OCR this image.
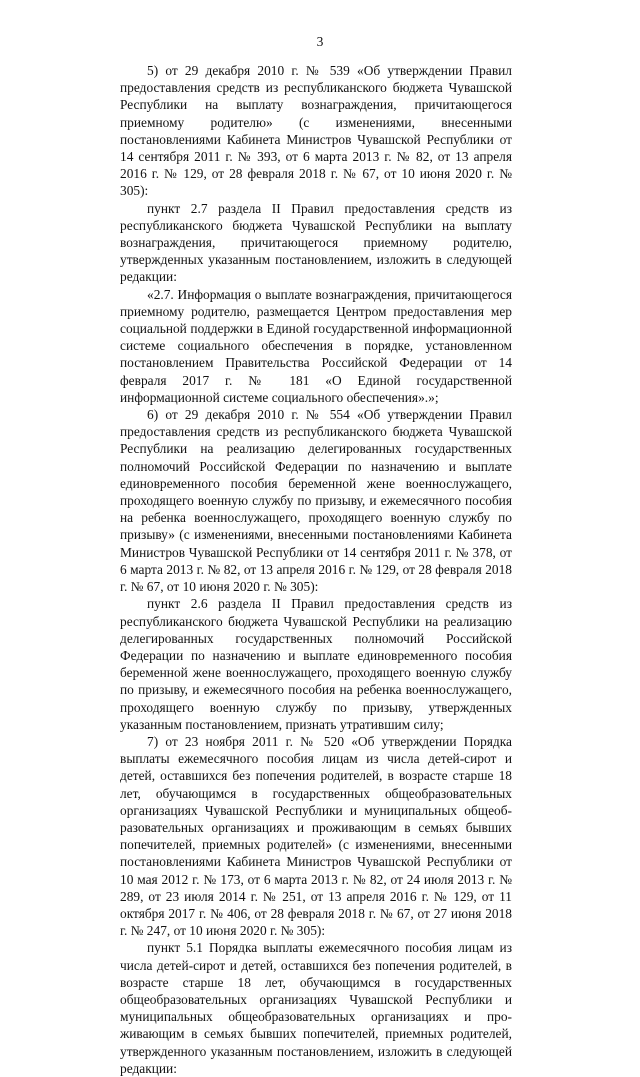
3

5) от 29 декабря 2010 г. № 539 «Об утверждении Правил предоставления средств из республиканского бюджета Чувашской Республики на выплату вознаграждения, причитающегося приемному родителю» (с изменениями, внесенными постановлениями Кабинета Министров Чувашской Республики от 14 сентября 2011 г. № 393, от 6 марта 2013 г. № 82, от 13 апреля 2016 г. № 129, от 28 февраля 2018 г. № 67, от 10 июня 2020 г. № 305):

пункт 2.7 раздела II Правил предоставления средств из республиканского бюджета Чувашской Республики на выплату вознаграждения, причитающегося приемному родителю, утвержденных указанным постановлением, изложить в следующей редакции:

«2.7. Информация о выплате вознаграждения, причитающегося приемному родителю, размещается Центром предоставления мер социальной поддержки в Единой государственной информационной системе социального обеспечения в порядке, установленном постановлением Правительства Российской Федерации от 14 февраля 2017 г. № 181 «О Единой государственной информационной системе социального обеспечения».»;

6) от 29 декабря 2010 г. № 554 «Об утверждении Правил предоставления средств из республиканского бюджета Чувашской Республики на реализацию делегированных государственных полномочий Российской Федерации по назначению и выплате единовременного пособия беременной жене военнослужащего, проходящего военную службу по призыву, и ежемесячного пособия на ребенка военнослужащего, проходящего военную службу по призыву» (с изменениями, внесенными постановлениями Кабинета Министров Чувашской Республики от 14 сентября 2011 г. № 378, от 6 марта 2013 г. № 82, от 13 апреля 2016 г. № 129, от 28 февраля 2018 г. № 67, от 10 июня 2020 г. № 305):

пункт 2.6 раздела II Правил предоставления средств из республиканского бюджета Чувашской Республики на реализацию делегированных государственных полномочий Российской Федерации по назначению и выплате единовременного пособия беременной жене военнослужащего, проходящего военную службу по призыву, и ежемесячного пособия на ребенка военнослужащего, проходящего военную службу по призыву, утвержденных указанным постановлением, признать утратившим силу;

7) от 23 ноября 2011 г. № 520 «Об утверждении Порядка выплаты ежемесячного пособия лицам из числа детей-сирот и детей, оставшихся без попечения родителей, в возрасте старше 18 лет, обучающимся в государственных общеобразовательных организациях Чувашской Республики и муниципальных общеобразовательных организациях и проживающим в семьях бывших попечителей, приемных родителей» (с изменениями, внесенными постановлениями Кабинета Министров Чувашской Республики от 10 мая 2012 г. № 173, от 6 марта 2013 г. № 82, от 24 июля 2013 г. № 289, от 23 июля 2014 г. № 251, от 13 апреля 2016 г. № 129, от 11 октября 2017 г. № 406, от 28 февраля 2018 г. № 67, от 27 июня 2018 г. № 247, от 10 июня 2020 г. № 305):

пункт 5.1 Порядка выплаты ежемесячного пособия лицам из числа детей-сирот и детей, оставшихся без попечения родителей, в возрасте старше 18 лет, обучающимся в государственных общеобразовательных организациях Чувашской Республики и муниципальных общеобразовательных организациях и проживающим в семьях бывших попечителей, приемных родителей, утвержденного указанным постановлением, изложить в следующей редакции:
